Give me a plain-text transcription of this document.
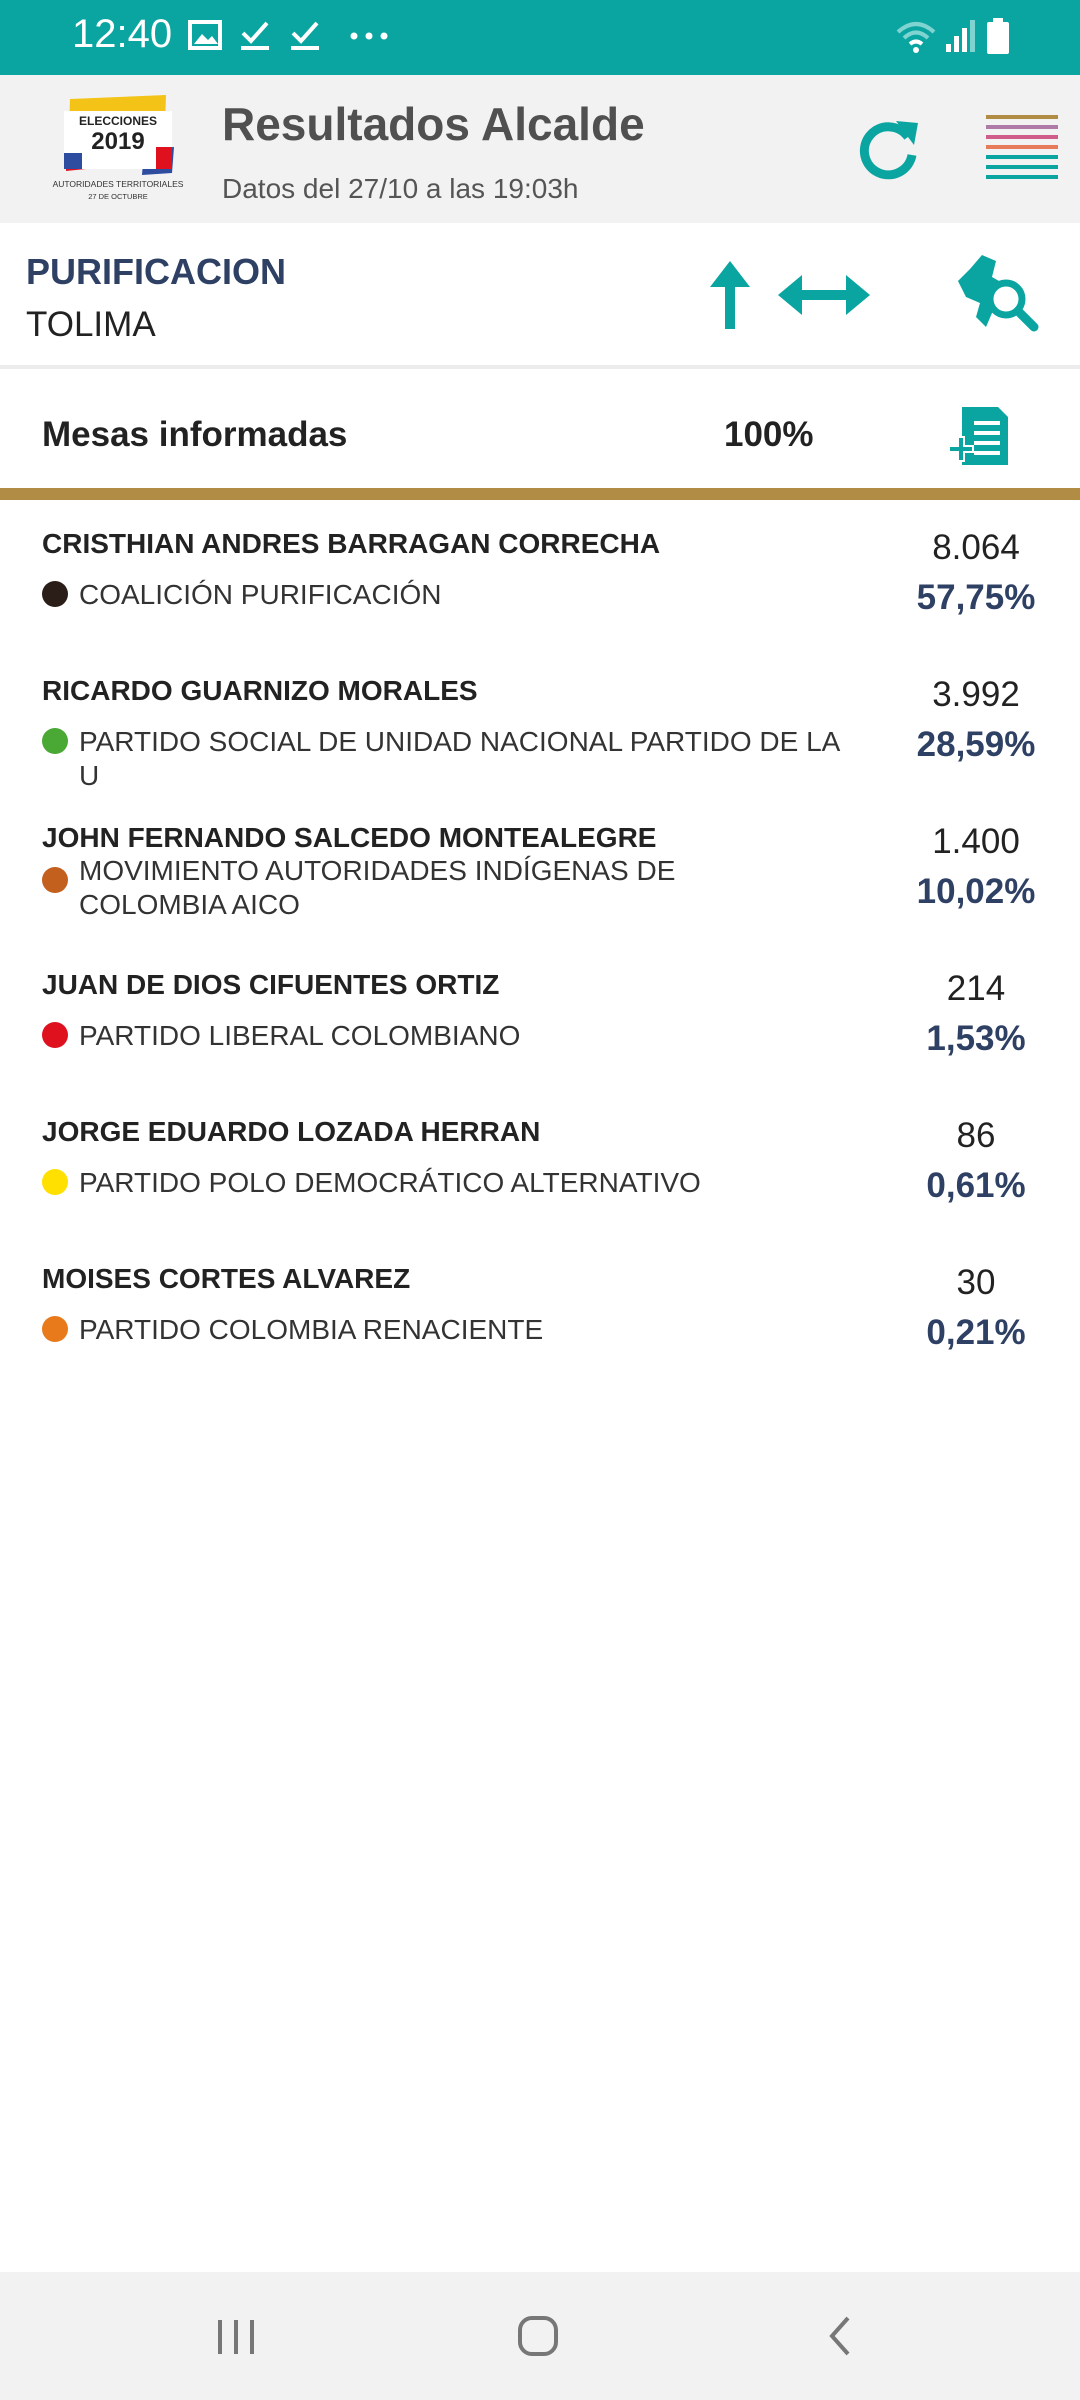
12:40
ELECCIONES
2019
AUTORIDADES TERRITORIALES
27 DE OCTUBRE
Resultados Alcalde
Datos del 27/10 a las 19:03h
PURIFICACION
TOLIMA
Mesas informadas	100%
CRISTHIAN ANDRES BARRAGAN CORRECHA
COALICIÓN PURIFICACIÓN
8.064
57,75%
RICARDO GUARNIZO MORALES
PARTIDO SOCIAL DE UNIDAD NACIONAL PARTIDO DE LA U
3.992
28,59%
JOHN FERNANDO SALCEDO MONTEALEGRE
MOVIMIENTO AUTORIDADES INDÍGENAS DE COLOMBIA AICO
1.400
10,02%
JUAN DE DIOS CIFUENTES ORTIZ
PARTIDO LIBERAL COLOMBIANO
214
1,53%
JORGE EDUARDO LOZADA HERRAN
PARTIDO POLO DEMOCRÁTICO ALTERNATIVO
86
0,61%
MOISES CORTES ALVAREZ
PARTIDO COLOMBIA RENACIENTE
30
0,21%
